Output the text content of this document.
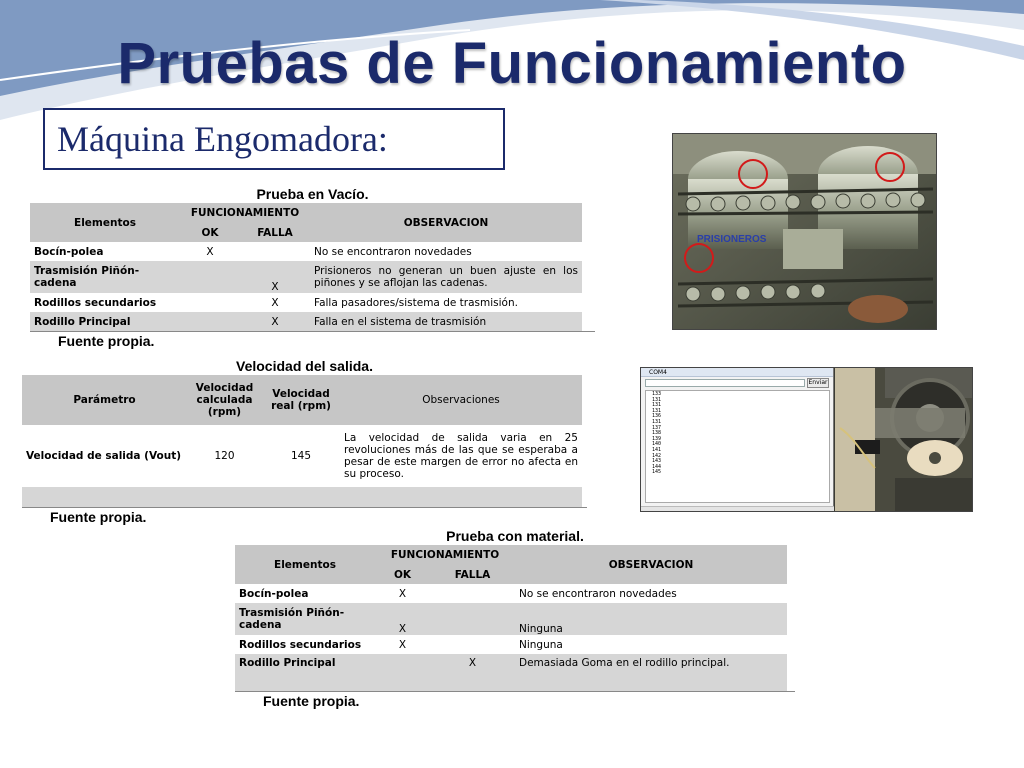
Pruebas de Funcionamiento
Máquina Engomadora:
Prueba en Vacío.
Elementos	FUNCIONAMIENTO		OBSERVACION
	OK	FALLA	
Bocín-polea	X		No se encontraron novedades
Trasmisión Piñón-cadena		X	Prisioneros no generan un buen ajuste en los piñones y se aflojan las cadenas.
Rodillos secundarios		X	Falla pasadores/sistema de trasmisión.
Rodillo Principal		X	Falla en el sistema de trasmisión
Fuente propia.
Velocidad del salida.
Parámetro	Velocidad calculada (rpm)	Velocidad real (rpm)	Observaciones
Velocidad de salida (Vout)	120	145	La velocidad de salida varia en 25 revoluciones más de las que se esperaba a pesar de este margen de error no afecta en su proceso.

Fuente propia.
Prueba con material.
Elementos	FUNCIONAMIENTO		OBSERVACION
	OK	FALLA	
Bocín-polea	X		No se encontraron novedades
Trasmisión Piñón-cadena	X		Ninguna
Rodillos secundarios	X		Ninguna
Rodillo Principal		X	Demasiada Goma en el rodillo principal.
Fuente propia.
PRISIONEROS
COM4
Enviar
133
131
131
131
136
131
137
138
139
140
141
142
143
144
145
